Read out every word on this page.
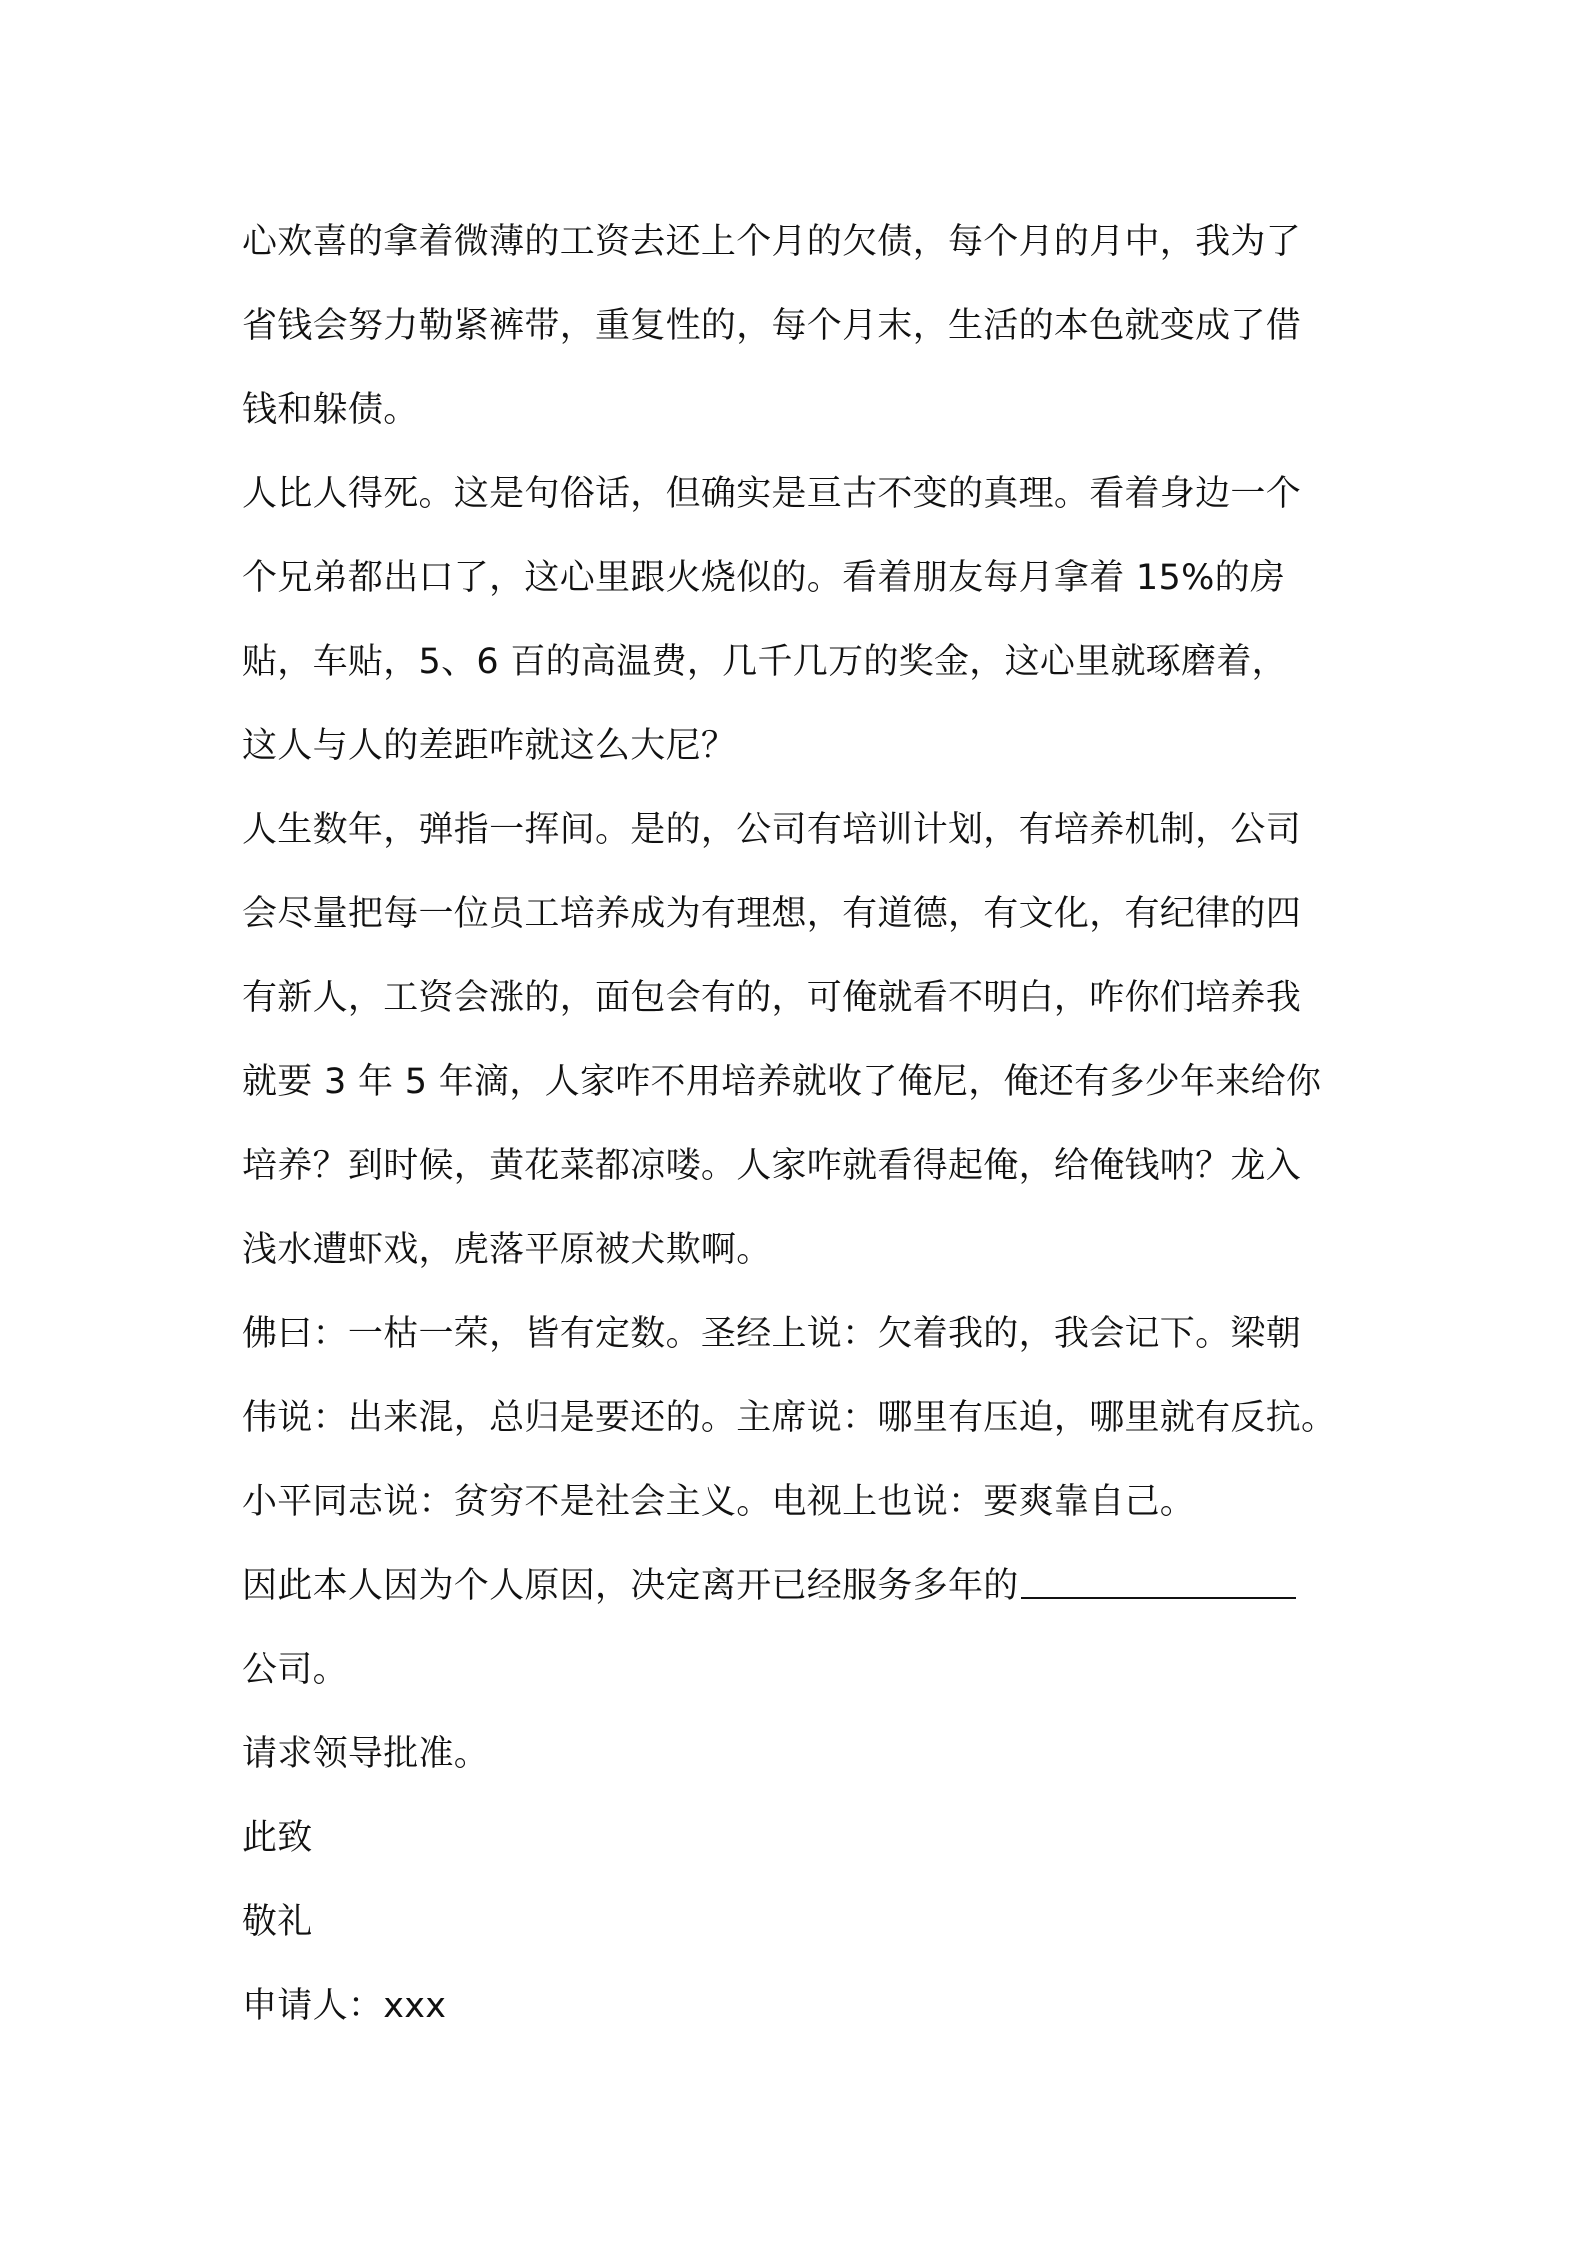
心欢喜的拿着微薄的工资去还上个月的欠债，每个月的月中，我为了
省钱会努力勒紧裤带，重复性的，每个月末，生活的本色就变成了借
钱和躲债。

人比人得死。这是句俗话，但确实是亘古不变的真理。看着身边一个
个兄弟都出口了，这心里跟火烧似的。看着朋友每月拿着 15%的房
贴，车贴，5、6 百的高温费，几千几万的奖金，这心里就琢磨着，
这人与人的差距咋就这么大尼？

人生数年，弹指一挥间。是的，公司有培训计划，有培养机制，公司
会尽量把每一位员工培养成为有理想，有道德，有文化，有纪律的四
有新人，工资会涨的，面包会有的，可俺就看不明白，咋你们培养我
就要 3 年 5 年滴，人家咋不用培养就收了俺尼，俺还有多少年来给你
培养？到时候，黄花菜都凉喽。人家咋就看得起俺，给俺钱呐？龙入
浅水遭虾戏，虎落平原被犬欺啊。

佛曰：一枯一荣，皆有定数。圣经上说：欠着我的，我会记下。梁朝
伟说：出来混，总归是要还的。主席说：哪里有压迫，哪里就有反抗。
小平同志说：贫穷不是社会主义。电视上也说：要爽靠自己。

因此本人因为个人原因，决定离开已经服务多年的
公司。

请求领导批准。

此致
敬礼

申请人：xxx
